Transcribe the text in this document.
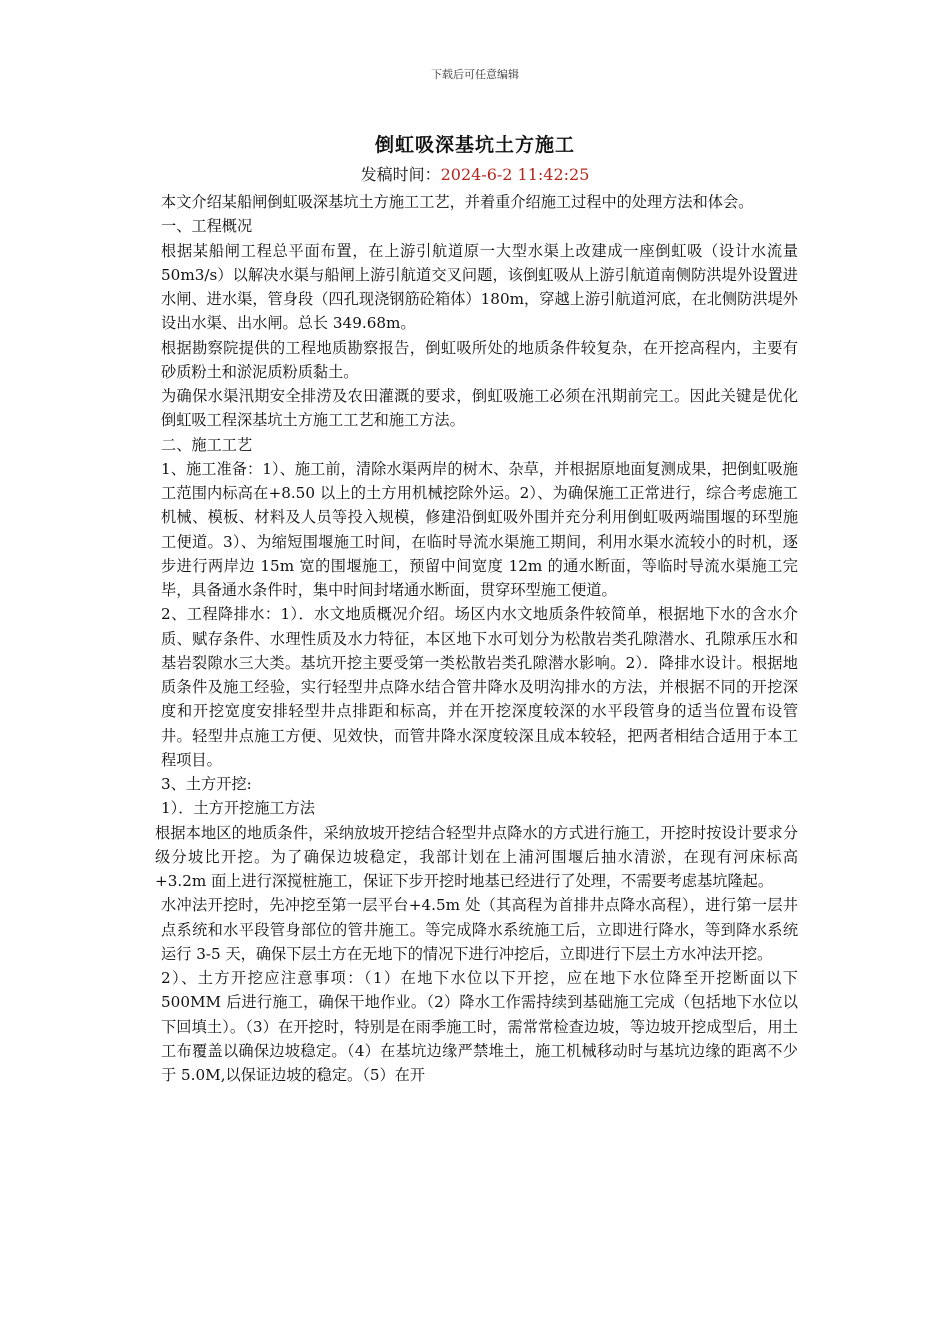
下载后可任意编辑
倒虹吸深基坑土方施工
发稿时间：2024-6-2 11:42:25

本文介绍某船闸倒虹吸深基坑土方施工工艺，并着重介绍施工过程中的处理方法和体会。

一、工程概况

根据某船闸工程总平面布置，在上游引航道原一大型水渠上改建成一座倒虹吸（设计水流量 50m3/s）以解决水渠与船闸上游引航道交叉问题，该倒虹吸从上游引航道南侧防洪堤外设置进水闸、进水渠，管身段（四孔现浇钢筋砼箱体）180m，穿越上游引航道河底，在北侧防洪堤外设出水渠、出水闸。总长 349.68m。

根据勘察院提供的工程地质勘察报告，倒虹吸所处的地质条件较复杂，在开挖高程内，主要有砂质粉土和淤泥质粉质黏土。

为确保水渠汛期安全排涝及农田灌溉的要求，倒虹吸施工必须在汛期前完工。因此关键是优化倒虹吸工程深基坑土方施工工艺和施工方法。

二、施工工艺

1、施工准备：1）、施工前，清除水渠两岸的树木、杂草，并根据原地面复测成果，把倒虹吸施工范围内标高在+8.50 以上的土方用机械挖除外运。2）、为确保施工正常进行，综合考虑施工机械、模板、材料及人员等投入规模，修建沿倒虹吸外围并充分利用倒虹吸两端围堰的环型施工便道。3）、为缩短围堰施工时间，在临时导流水渠施工期间，利用水渠水流较小的时机，逐步进行两岸边 15m 宽的围堰施工，预留中间宽度 12m 的通水断面，等临时导流水渠施工完毕，具备通水条件时，集中时间封堵通水断面，贯穿环型施工便道。

2、工程降排水：1）．水文地质概况介绍。场区内水文地质条件较简单，根据地下水的含水介质、赋存条件、水理性质及水力特征，本区地下水可划分为松散岩类孔隙潜水、孔隙承压水和基岩裂隙水三大类。基坑开挖主要受第一类松散岩类孔隙潜水影响。2）．降排水设计。根据地质条件及施工经验，实行轻型井点降水结合管井降水及明沟排水的方法，并根据不同的开挖深度和开挖宽度安排轻型井点排距和标高，并在开挖深度较深的水平段管身的适当位置布设管井。轻型井点施工方便、见效快，而管井降水深度较深且成本较轻，把两者相结合适用于本工程项目。

3、土方开挖:

1）．土方开挖施工方法

根据本地区的地质条件，采纳放坡开挖结合轻型井点降水的方式进行施工，开挖时按设计要求分级分坡比开挖。为了确保边坡稳定，我部计划在上浦河围堰后抽水清淤，在现有河床标高+3.2m 面上进行深搅桩施工，保证下步开挖时地基已经进行了处理，不需要考虑基坑隆起。

水冲法开挖时，先冲挖至第一层平台+4.5m 处（其高程为首排井点降水高程），进行第一层井点系统和水平段管身部位的管井施工。等完成降水系统施工后，立即进行降水，等到降水系统运行 3-5 天，确保下层土方在无地下的情况下进行冲挖后，立即进行下层土方水冲法开挖。

2）、土方开挖应注意事项：（1）在地下水位以下开挖，应在地下水位降至开挖断面以下 500MM 后进行施工，确保干地作业。（2）降水工作需持续到基础施工完成（包括地下水位以下回填土）。（3）在开挖时，特别是在雨季施工时，需常常检查边坡，等边坡开挖成型后，用土工布覆盖以确保边坡稳定。（4）在基坑边缘严禁堆土，施工机械移动时与基坑边缘的距离不少于 5.0M,以保证边坡的稳定。（5）在开
